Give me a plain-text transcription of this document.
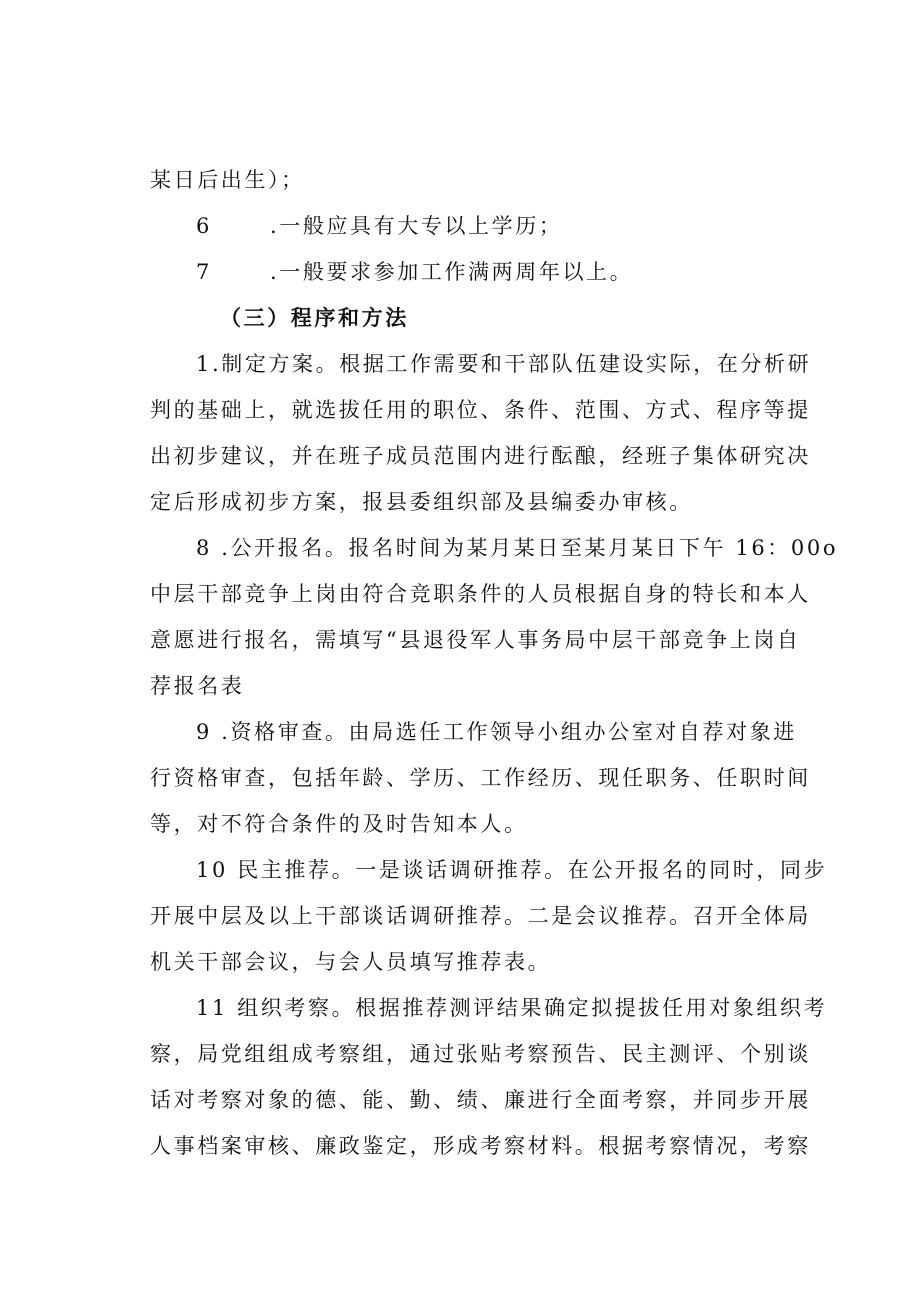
某日后出生）；
6	.一般应具有大专以上学历；
7	.一般要求参加工作满两周年以上。
（三）程序和方法
1.制定方案。根据工作需要和干部队伍建设实际，在分析研
判的基础上，就选拔任用的职位、条件、范围、方式、程序等提
出初步建议，并在班子成员范围内进行酝酿，经班子集体研究决
定后形成初步方案，报县委组织部及县编委办审核。
8 .公开报名。报名时间为某月某日至某月某日下午 16：00o
中层干部竞争上岗由符合竞职条件的人员根据自身的特长和本人
意愿进行报名，需填写“县退役军人事务局中层干部竞争上岗自
荐报名表
9 .资格审查。由局选任工作领导小组办公室对自荐对象进
行资格审查，包括年龄、学历、工作经历、现任职务、任职时间
等，对不符合条件的及时告知本人。
10 民主推荐。一是谈话调研推荐。在公开报名的同时，同步
开展中层及以上干部谈话调研推荐。二是会议推荐。召开全体局
机关干部会议，与会人员填写推荐表。
11 组织考察。根据推荐测评结果确定拟提拔任用对象组织考
察，局党组组成考察组，通过张贴考察预告、民主测评、个别谈
话对考察对象的德、能、勤、绩、廉进行全面考察，并同步开展
人事档案审核、廉政鉴定，形成考察材料。根据考察情况，考察
